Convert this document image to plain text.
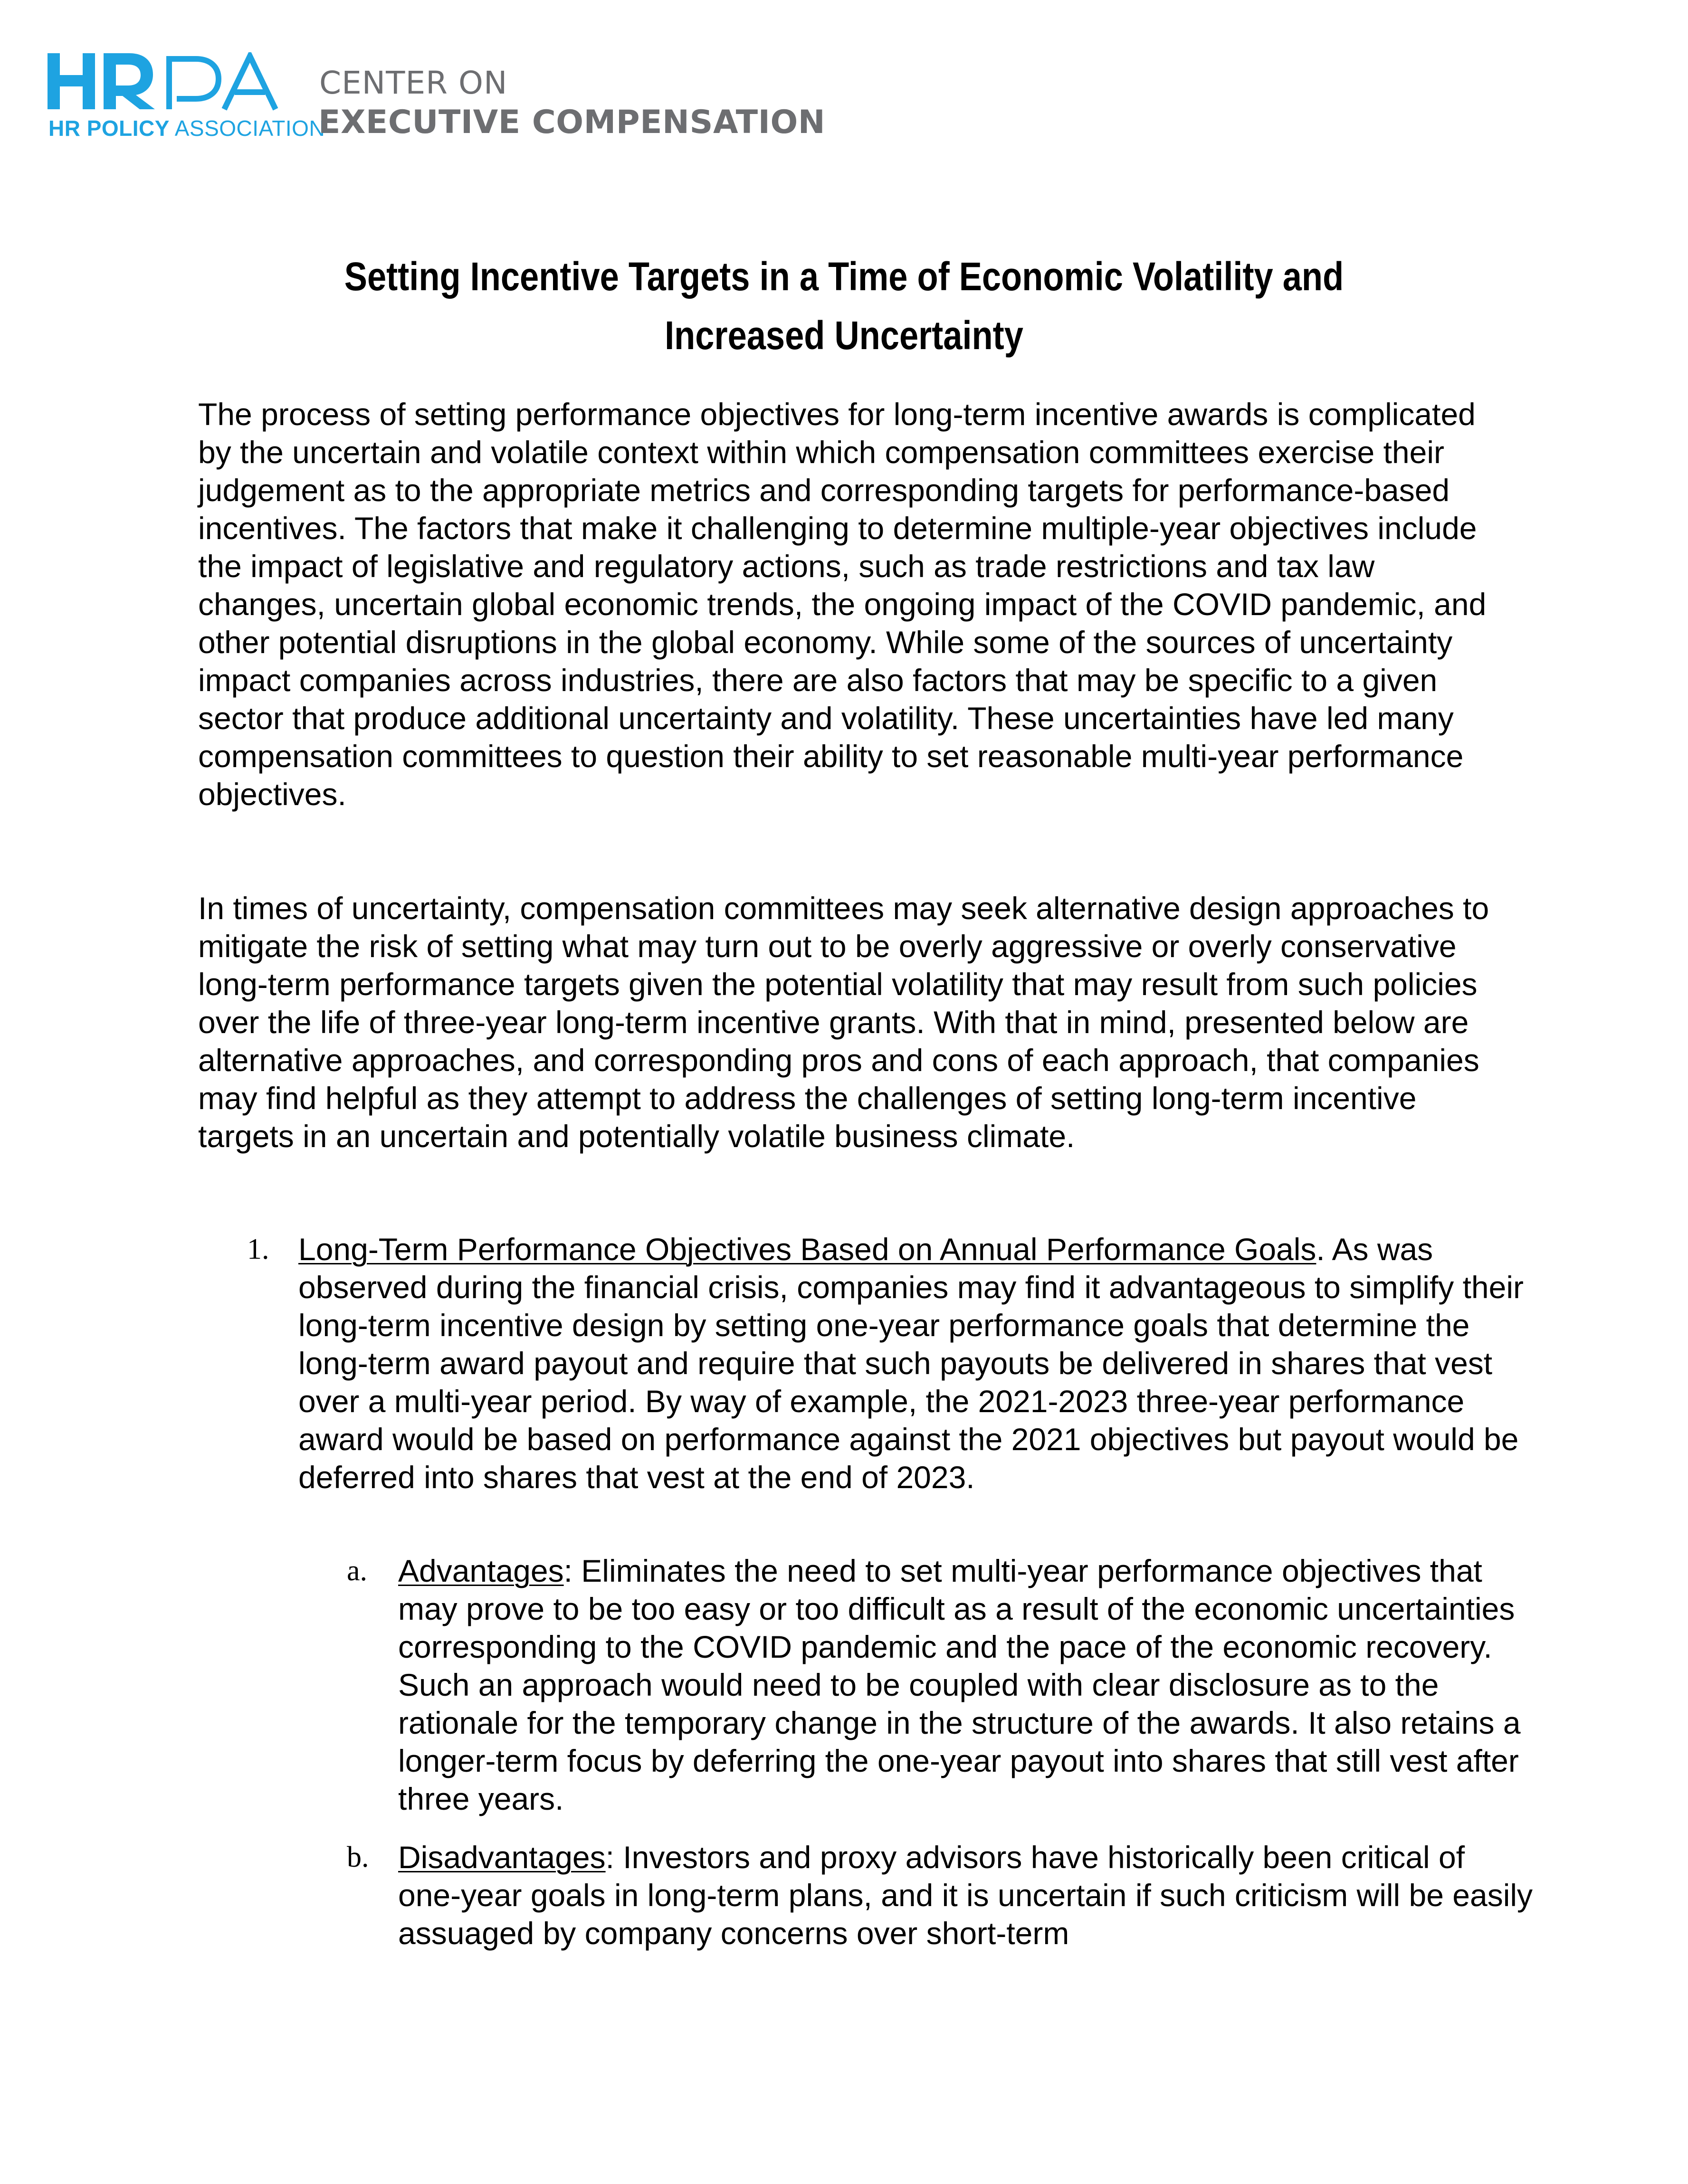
HR POLICY ASSOCIATION
CENTER ON
EXECUTIVE COMPENSATION
Setting Incentive Targets in a Time of Economic Volatility and
Increased Uncertainty

The process of setting performance objectives for long-term incentive awards is complicated by the uncertain and volatile context within which compensation committees exercise their judgement as to the appropriate metrics and corresponding targets for performance-based incentives. The factors that make it challenging to determine multiple-year objectives include the impact of legislative and regulatory actions, such as trade restrictions and tax law changes, uncertain global economic trends, the ongoing impact of the COVID pandemic, and other potential disruptions in the global economy. While some of the sources of uncertainty impact companies across industries, there are also factors that may be specific to a given sector that produce additional uncertainty and volatility. These uncertainties have led many compensation committees to question their ability to set reasonable multi-year performance objectives.

In times of uncertainty, compensation committees may seek alternative design approaches to mitigate the risk of setting what may turn out to be overly aggressive or overly conservative long-term performance targets given the potential volatility that may result from such policies over the life of three-year long-term incentive grants. With that in mind, presented below are alternative approaches, and corresponding pros and cons of each approach, that companies may find helpful as they attempt to address the challenges of setting long-term incentive targets in an uncertain and potentially volatile business climate.

1. Long-Term Performance Objectives Based on Annual Performance Goals. As was observed during the financial crisis, companies may find it advantageous to simplify their long-term incentive design by setting one-year performance goals that determine the long-term award payout and require that such payouts be delivered in shares that vest over a multi-year period. By way of example, the 2021-2023 three-year performance award would be based on performance against the 2021 objectives but payout would be deferred into shares that vest at the end of 2023.
a. Advantages: Eliminates the need to set multi-year performance objectives that may prove to be too easy or too difficult as a result of the economic uncertainties corresponding to the COVID pandemic and the pace of the economic recovery. Such an approach would need to be coupled with clear disclosure as to the rationale for the temporary change in the structure of the awards. It also retains a longer-term focus by deferring the one-year payout into shares that still vest after three years.
b. Disadvantages: Investors and proxy advisors have historically been critical of one-year goals in long-term plans, and it is uncertain if such criticism will be easily assuaged by company concerns over short-term
